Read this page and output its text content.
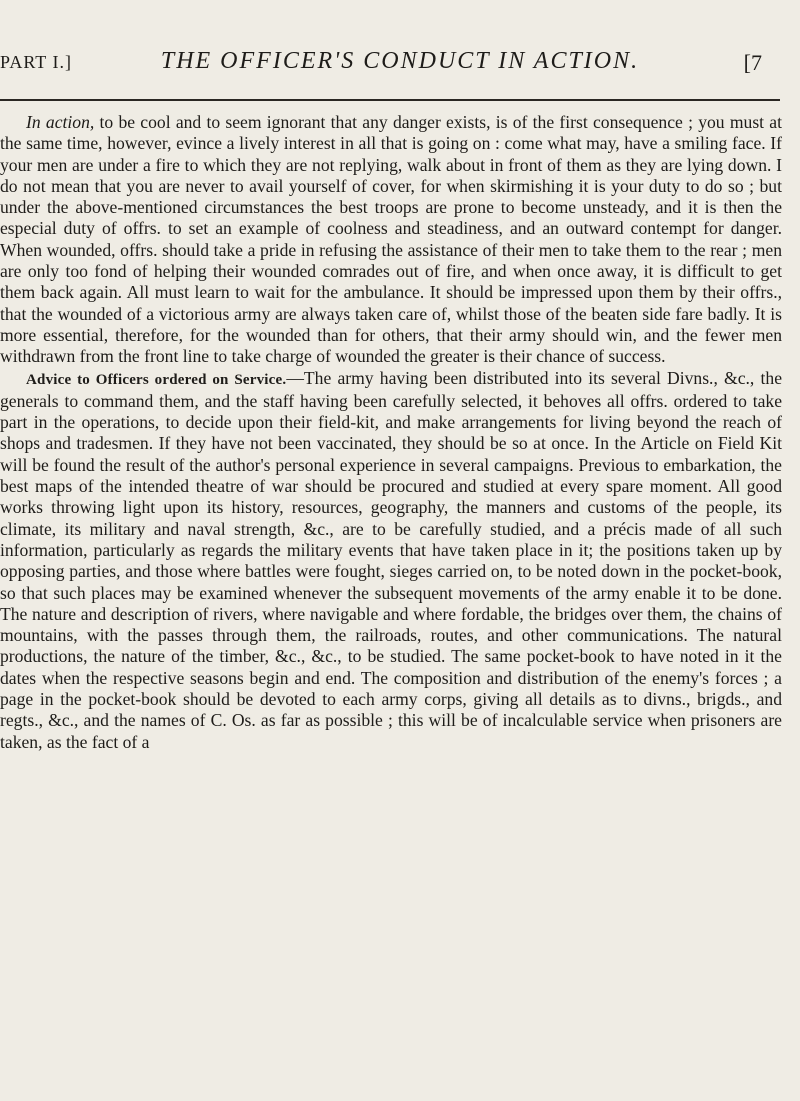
PART I.]	THE OFFICER'S CONDUCT IN ACTION.	[7

In action, to be cool and to seem ignorant that any danger exists, is of the first consequence ; you must at the same time, however, evince a lively interest in all that is going on : come what may, have a smiling face. If your men are under a fire to which they are not replying, walk about in front of them as they are lying down. I do not mean that you are never to avail yourself of cover, for when skirmishing it is your duty to do so ; but under the above-mentioned circumstances the best troops are prone to become unsteady, and it is then the especial duty of offrs. to set an example of coolness and steadiness, and an outward contempt for danger. When wounded, offrs. should take a pride in refusing the assistance of their men to take them to the rear ; men are only too fond of helping their wounded comrades out of fire, and when once away, it is difficult to get them back again. All must learn to wait for the ambulance. It should be impressed upon them by their offrs., that the wounded of a victorious army are always taken care of, whilst those of the beaten side fare badly. It is more essential, therefore, for the wounded than for others, that their army should win, and the fewer men withdrawn from the front line to take charge of wounded the greater is their chance of success.

Advice to Officers ordered on Service.—The army having been distributed into its several Divns., &c., the generals to command them, and the staff having been carefully selected, it behoves all offrs. ordered to take part in the operations, to decide upon their field-kit, and make arrangements for living beyond the reach of shops and tradesmen. If they have not been vaccinated, they should be so at once. In the Article on Field Kit will be found the result of the author's personal experience in several campaigns. Previous to embarkation, the best maps of the intended theatre of war should be procured and studied at every spare moment. All good works throwing light upon its history, resources, geography, the manners and customs of the people, its climate, its military and naval strength, &c., are to be carefully studied, and a précis made of all such information, particularly as regards the military events that have taken place in it; the positions taken up by opposing parties, and those where battles were fought, sieges carried on, to be noted down in the pocket-book, so that such places may be examined whenever the subsequent movements of the army enable it to be done. The nature and description of rivers, where navigable and where fordable, the bridges over them, the chains of mountains, with the passes through them, the railroads, routes, and other communications. The natural productions, the nature of the timber, &c., &c., to be studied. The same pocket-book to have noted in it the dates when the respective seasons begin and end. The composition and distribution of the enemy's forces ; a page in the pocket-book should be devoted to each army corps, giving all details as to divns., brigds., and regts., &c., and the names of C. Os. as far as possible ; this will be of incalculable service when prisoners are taken, as the fact of a
